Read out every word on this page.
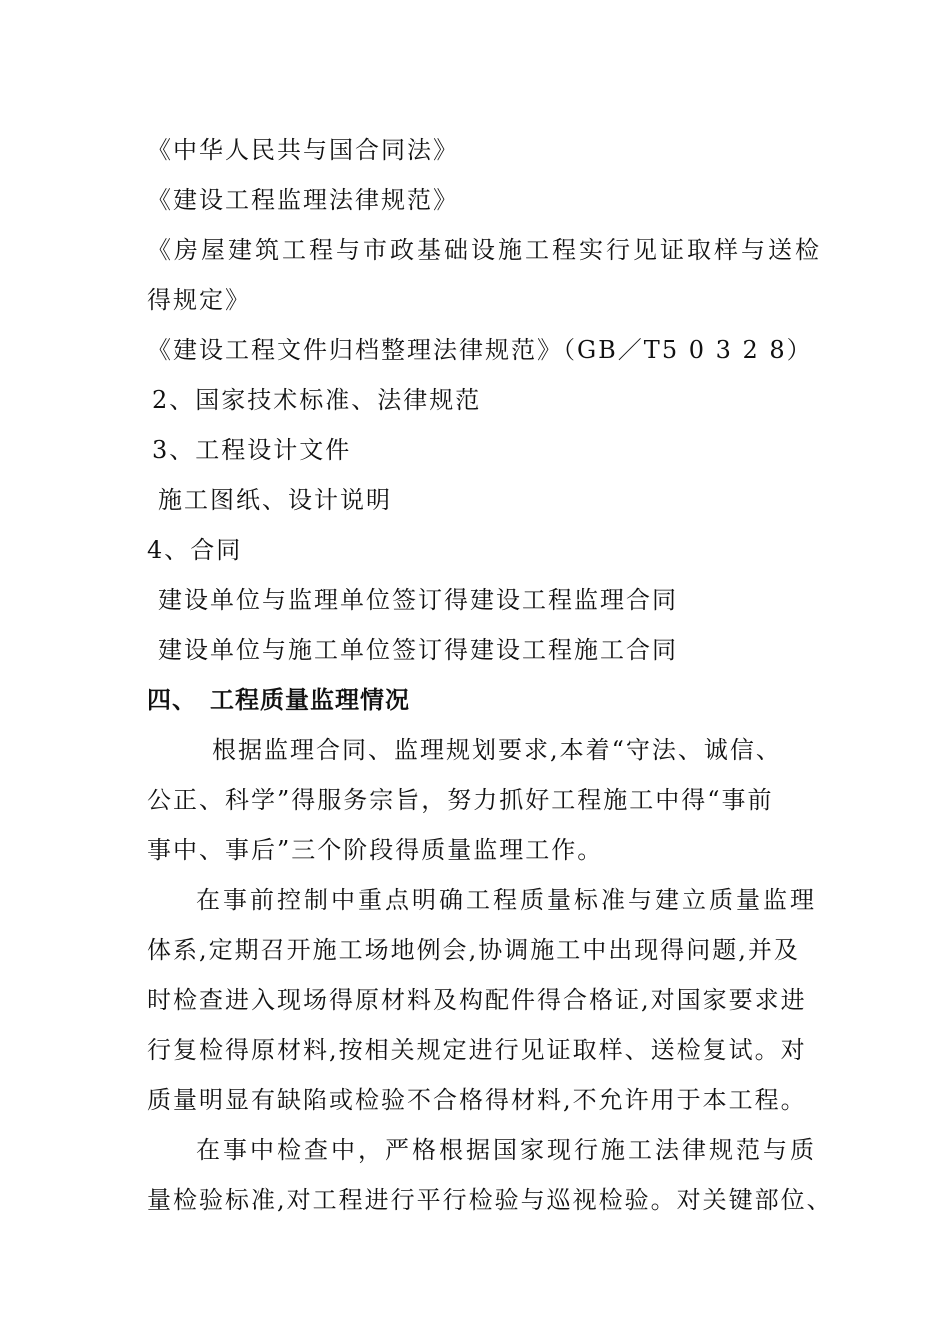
《中华人民共与国合同法》
《建设工程监理法律规范》
《房屋建筑工程与市政基础设施工程实行见证取样与送检
得规定》
《建设工程文件归档整理法律规范》（GB／T5 0 3 2 8）
2、国家技术标准、法律规范
3、工程设计文件
施工图纸、设计说明
4、合同
建设单位与监理单位签订得建设工程监理合同
建设单位与施工单位签订得建设工程施工合同
四、　工程质量监理情况
根据监理合同、监理规划要求,本着“守法、诚信、
公正、科学”得服务宗旨，努力抓好工程施工中得“事前
事中、事后”三个阶段得质量监理工作。
在事前控制中重点明确工程质量标准与建立质量监理
体系,定期召开施工场地例会,协调施工中出现得问题,并及
时检查进入现场得原材料及构配件得合格证,对国家要求进
行复检得原材料,按相关规定进行见证取样、送检复试。对
质量明显有缺陷或检验不合格得材料,不允许用于本工程。
在事中检查中，严格根据国家现行施工法律规范与质
量检验标准,对工程进行平行检验与巡视检验。对关键部位、
